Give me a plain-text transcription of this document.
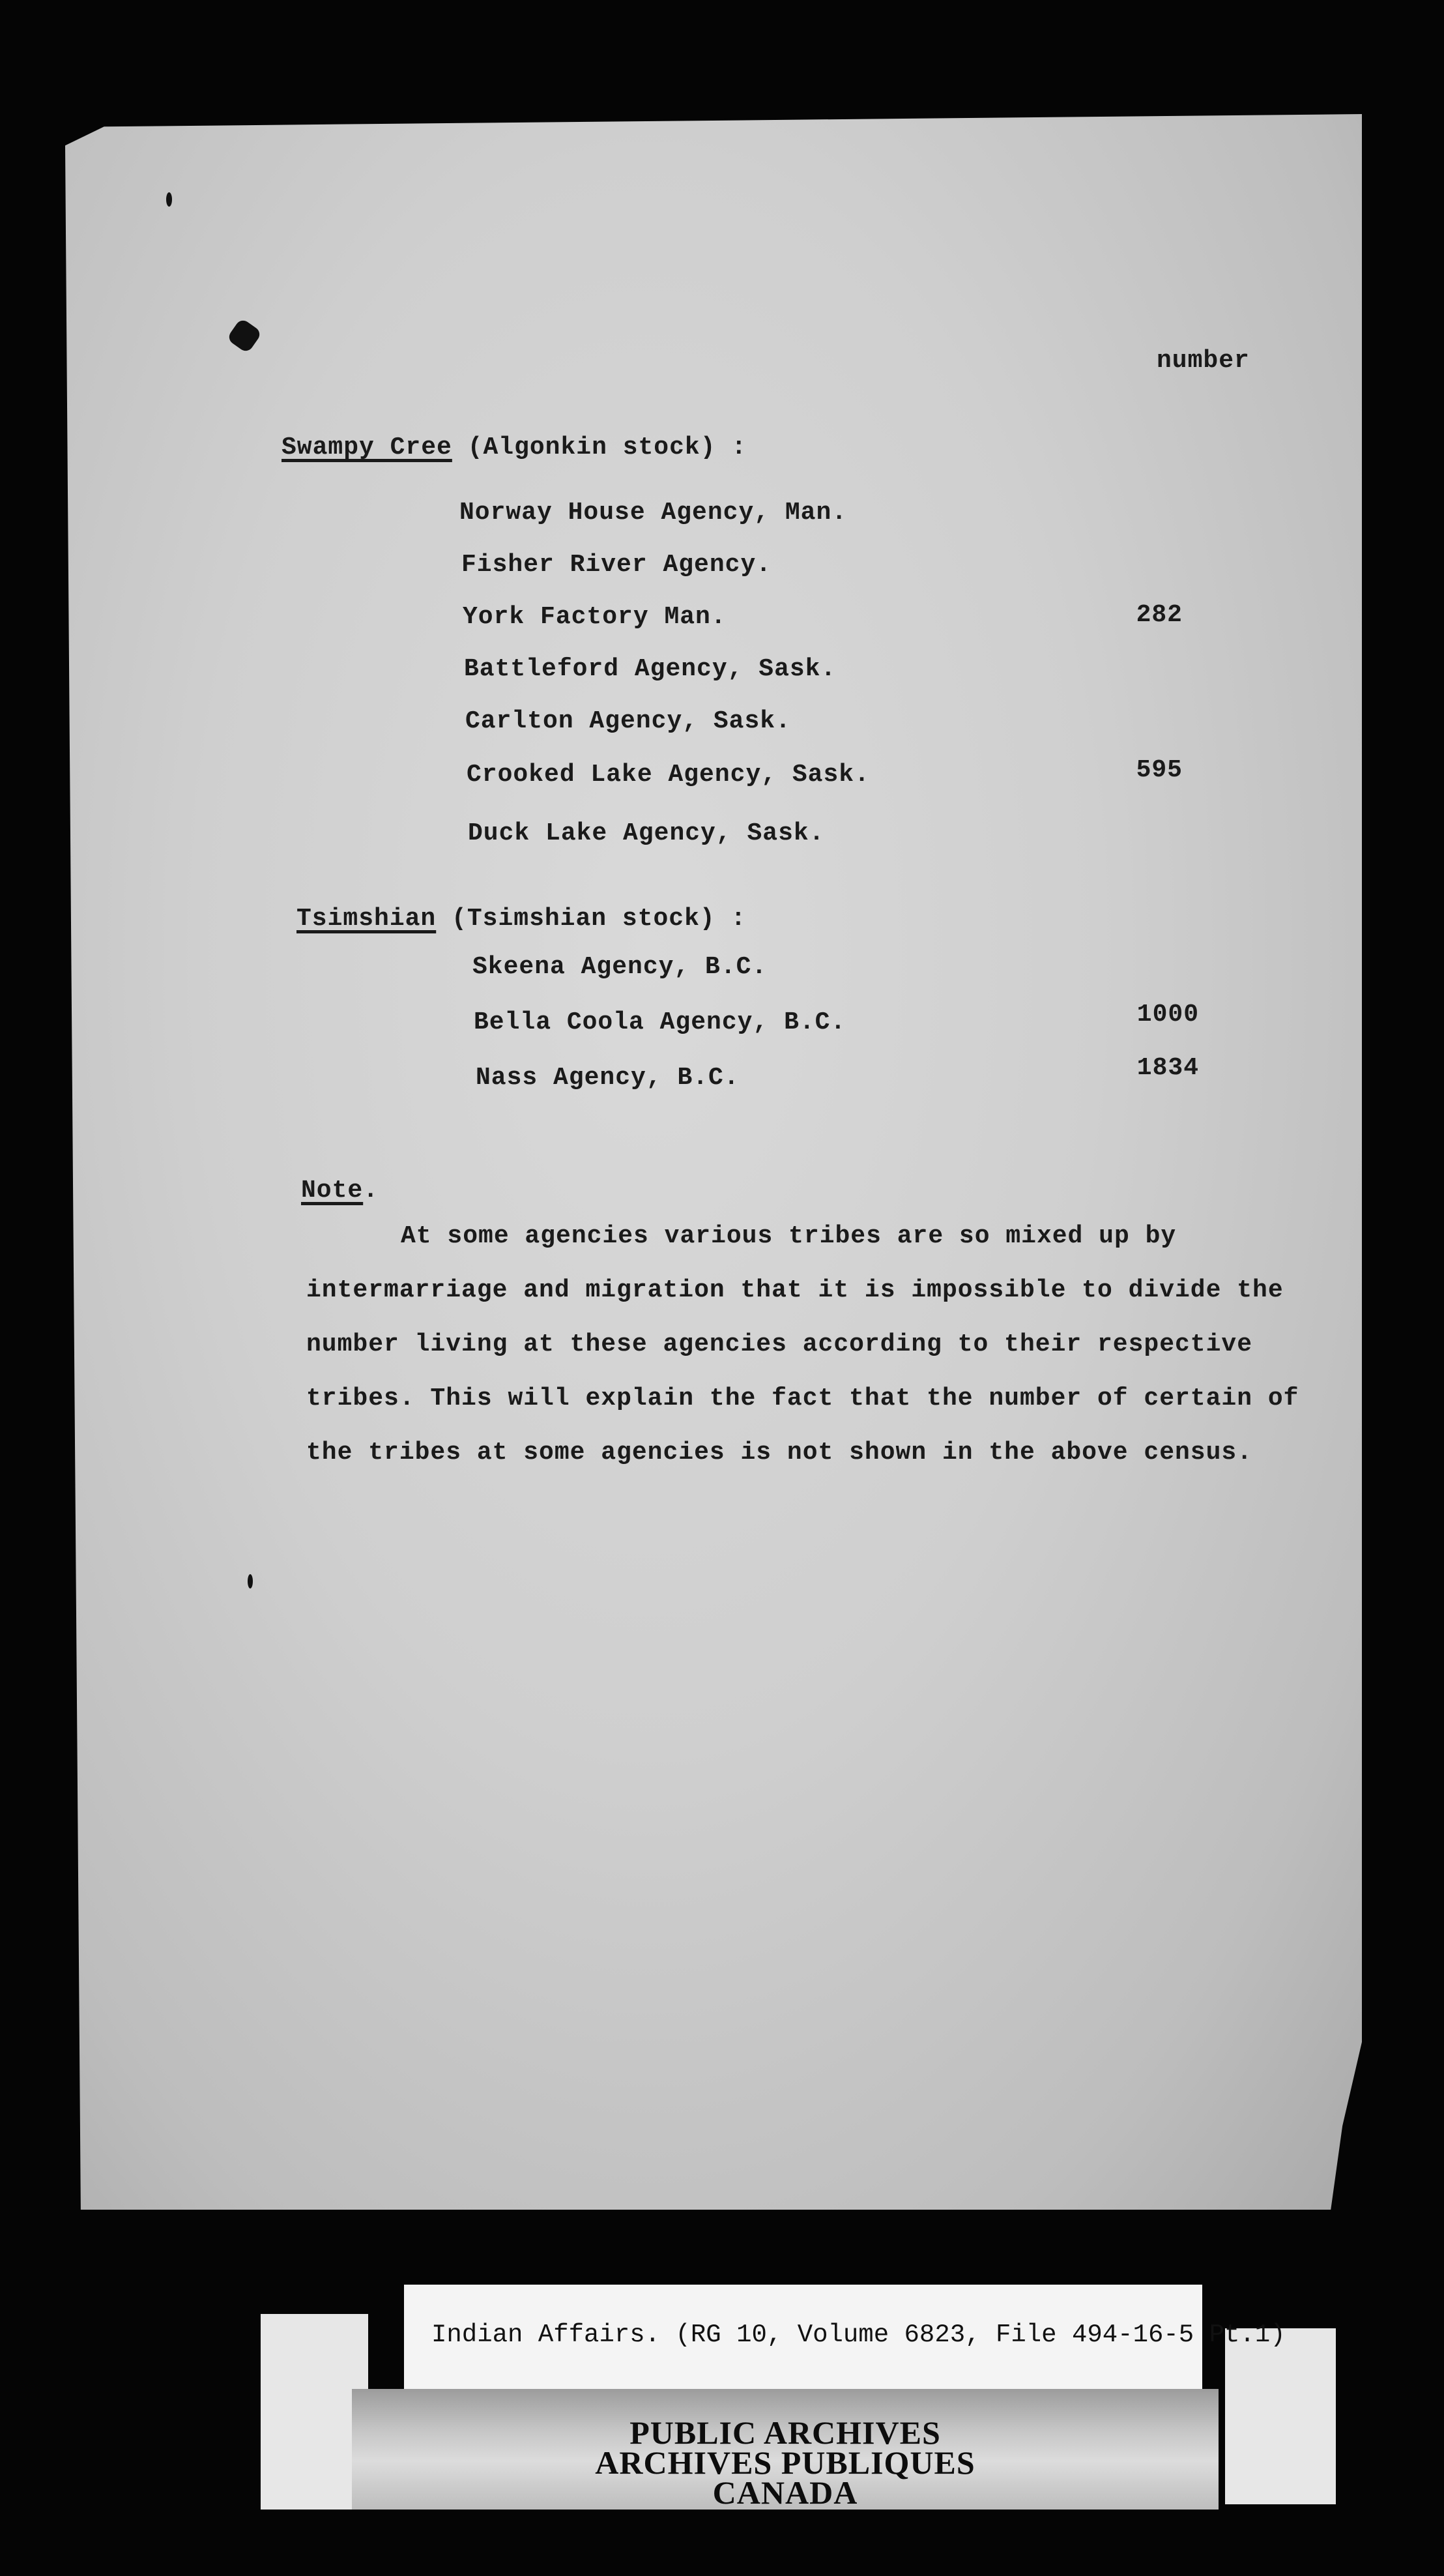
number
Swampy Cree (Algonkin stock) :
Norway House Agency, Man.
Fisher River Agency.
York Factory Man.	282
Battleford Agency, Sask.
Carlton Agency, Sask.
Crooked Lake Agency, Sask.	595
Duck Lake Agency, Sask.
Tsimshian (Tsimshian stock) :
Skeena Agency, B.C.
Bella Coola Agency, B.C.	1000
Nass Agency, B.C.	1834
Note.
At some agencies various tribes are so mixed up by intermarriage and migration that it is impossible to divide the number living at these agencies according to their respective tribes. This will explain the fact that the number of certain of the tribes at some agencies is not shown in the above census.
Indian Affairs. (RG 10, Volume 6823, File 494-16-5 Pt.1)
PUBLIC ARCHIVES
ARCHIVES PUBLIQUES
CANADA
